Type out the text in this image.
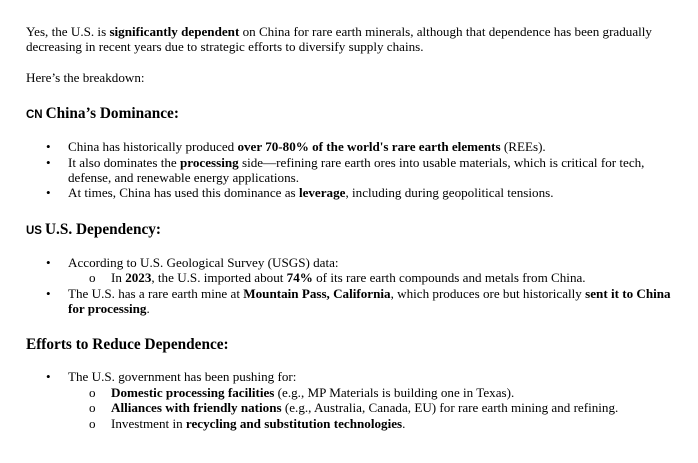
Yes, the U.S. is significantly dependent on China for rare earth minerals, although that dependence has been gradually decreasing in recent years due to strategic efforts to diversify supply chains.

Here’s the breakdown:

CN China’s Dominance:
• China has historically produced over 70-80% of the world's rare earth elements (REEs).
• It also dominates the processing side—refining rare earth ores into usable materials, which is critical for tech, defense, and renewable energy applications.
• At times, China has used this dominance as leverage, including during geopolitical tensions.
US U.S. Dependency:
• According to U.S. Geological Survey (USGS) data:
o In 2023, the U.S. imported about 74% of its rare earth compounds and metals from China.
• The U.S. has a rare earth mine at Mountain Pass, California, which produces ore but historically sent it to China for processing.
Efforts to Reduce Dependence:
• The U.S. government has been pushing for:
o Domestic processing facilities (e.g., MP Materials is building one in Texas).
o Alliances with friendly nations (e.g., Australia, Canada, EU) for rare earth mining and refining.
o Investment in recycling and substitution technologies.
